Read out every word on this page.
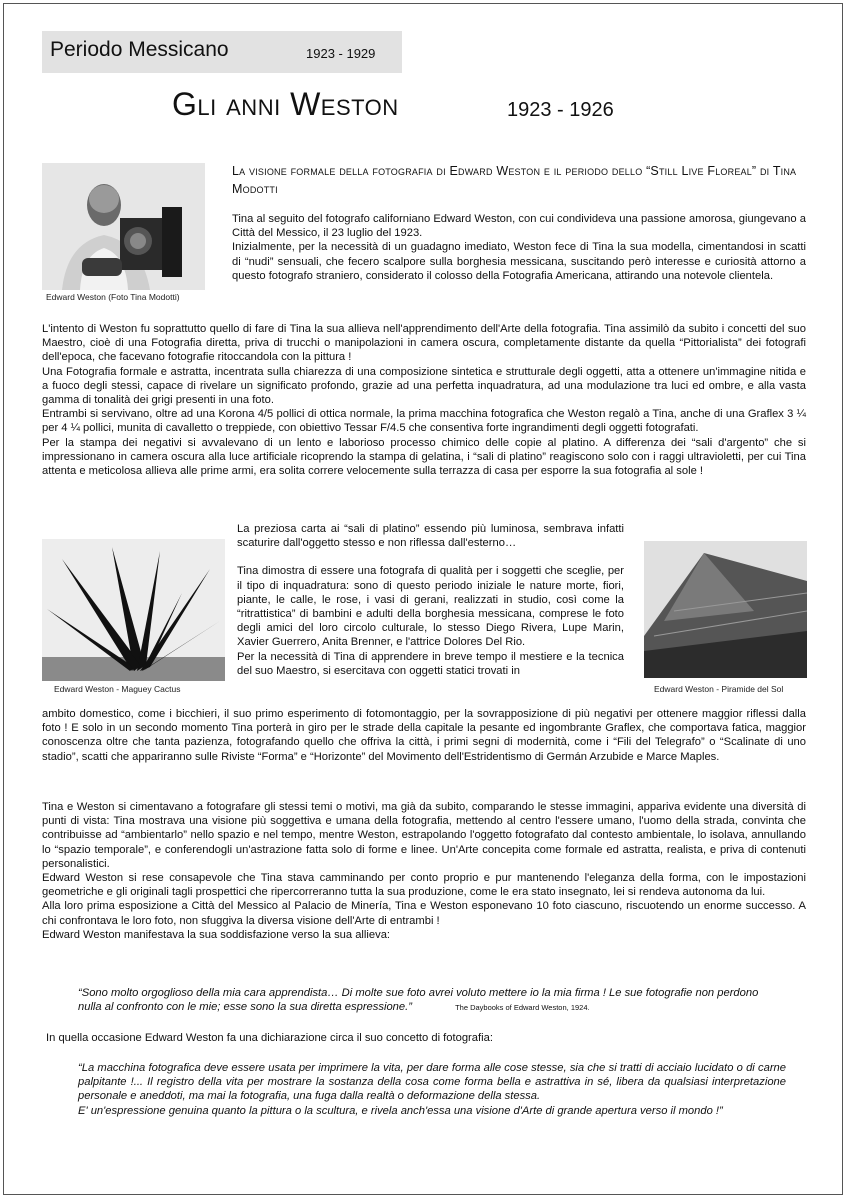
Periodo Messicano	1923 - 1929
Gli anni Weston	1923 - 1926
Edward Weston (Foto Tina Modotti)
La visione formale della fotografia di Edward Weston e il periodo dello “Still Live Floreal” di Tina Modotti

Tina al seguito del fotografo californiano Edward Weston, con cui condivideva una passione amorosa, giungevano a Città del Messico, il 23 luglio del 1923.

Inizialmente, per la necessità di un guadagno imediato, Weston fece di Tina la sua modella, cimentandosi in scatti di “nudi” sensuali, che fecero scalpore sulla borghesia messicana, suscitando però interesse e curiosità attorno a questo fotografo straniero, considerato il colosso della Fotografia Americana, attirando una notevole clientela.

L'intento di Weston fu soprattutto quello di fare di Tina la sua allieva nell'apprendimento dell'Arte della fotografia. Tina assimilò da subito i concetti del suo Maestro, cioè di una Fotografia diretta, priva di trucchi o manipolazioni in camera oscura, completamente distante da quella “Pittorialista” dei fotografi dell'epoca, che facevano fotografie ritoccandola con la pittura !

Una Fotografia formale e astratta, incentrata sulla chiarezza di una composizione sintetica e strutturale degli oggetti, atta a ottenere un'immagine nitida e a fuoco degli stessi, capace di rivelare un significato profondo, grazie ad una perfetta inquadratura, ad una modulazione tra luci ed ombre, e alla vasta gamma di tonalità dei grigi presenti in una foto.

Entrambi si servivano, oltre ad una Korona 4/5 pollici di ottica normale, la prima macchina fotografica che Weston regalò a Tina, anche di una Graflex 3 ¼ per 4 ¼ pollici, munita di cavalletto o treppiede, con obiettivo Tessar F/4.5 che consentiva forte ingrandimenti degli oggetti fotografati.

Per la stampa dei negativi si avvalevano di un lento e laborioso processo chimico delle copie al platino. A differenza dei “sali d'argento” che si impressionano in camera oscura alla luce artificiale ricoprendo la stampa di gelatina, i “sali di platino” reagiscono solo con i raggi ultravioletti, per cui Tina attenta e meticolosa allieva alle prime armi, era solita correre velocemente sulla terrazza di casa per esporre la sua fotografia al sole !

Edward Weston - Maguey Cactus

La preziosa carta ai “sali di platino” essendo più luminosa, sembrava infatti scaturire dall'oggetto stesso e non riflessa dall'esterno…

Tina dimostra di essere una fotografa di qualità per i soggetti che sceglie, per il tipo di inquadratura: sono di questo periodo iniziale le nature morte, fiori, piante, le calle, le rose, i vasi di gerani, realizzati in studio, così come la “ritrattistica” di bambini e adulti della borghesia messicana, comprese le foto degli amici del loro circolo culturale, lo stesso Diego Rivera, Lupe Marin, Xavier Guerrero, Anita Brenner, e l'attrice Dolores Del Rio.

Per la necessità di Tina di apprendere in breve tempo il mestiere e la tecnica del suo Maestro, si esercitava con oggetti statici trovati in

Edward Weston - Piramide del Sol
ambito domestico, come i bicchieri, il suo primo esperimento di fotomontaggio, per la sovrapposizione di più negativi per ottenere maggior riflessi dalla foto ! E solo in un secondo momento Tina porterà in giro per le strade della capitale la pesante ed ingombrante Graflex, che comportava fatica, maggior conoscenza oltre che tanta pazienza, fotografando quello che offriva la città, i primi segni di modernità, come i “Fili del Telegrafo” o “Scalinate di uno stadio”, scatti che appariranno sulle Riviste “Forma” e “Horizonte” del Movimento dell'Estridentismo di Germán Arzubide e Marce Maples.

Tina e Weston si cimentavano a fotografare gli stessi temi o motivi, ma già da subito, comparando le stesse immagini, appariva evidente una diversità di punti di vista: Tina mostrava una visione più soggettiva e umana della fotografia, mettendo al centro l'essere umano, l'uomo della strada, convinta che contribuisse ad “ambientarlo” nello spazio e nel tempo, mentre Weston, estrapolando l'oggetto fotografato dal contesto ambientale, lo isolava, annullando lo “spazio temporale”, e conferendogli un'astrazione fatta solo di forme e linee. Un'Arte concepita come formale ed astratta, realista, e priva di contenuti personalistici.

Edward Weston si rese consapevole che Tina stava camminando per conto proprio e pur mantenendo l'eleganza della forma, con le impostazioni geometriche e gli originali tagli prospettici che ripercorreranno tutta la sua produzione, come le era stato insegnato, lei si rendeva autonoma da lui.

Alla loro prima esposizione a Città del Messico al Palacio de Minería, Tina e Weston esponevano 10 foto ciascuno, riscuotendo un enorme successo. A chi confrontava le loro foto, non sfuggiva la diversa visione dell'Arte di entrambi !

Edward Weston manifestava la sua soddisfazione verso la sua allieva:

“Sono molto orgoglioso della mia cara apprendista… Di molte sue foto avrei voluto mettere io la mia firma ! Le sue fotografie non perdono nulla al confronto con le mie; esse sono la sua diretta espressione.”	The Daybooks of Edward Weston, 1924.
In quella occasione Edward Weston fa una dichiarazione circa il suo concetto di fotografia:

“La macchina fotografica deve essere usata per imprimere la vita, per dare forma alle cose stesse, sia che si tratti di acciaio lucidato o di carne palpitante !... Il registro della vita per mostrare la sostanza della cosa come forma bella e astrattiva in sé, libera da qualsiasi interpretazione personale e aneddoti, ma mai la fotografia, una fuga dalla realtà o deformazione della stessa.

E' un'espressione genuina quanto la pittura o la scultura, e rivela anch'essa una visione d'Arte di grande apertura verso il mondo !”
